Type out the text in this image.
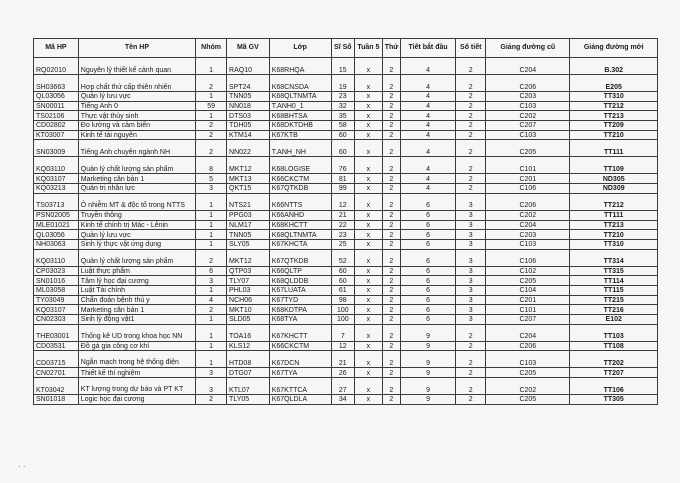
Mã HP	Tên HP	Nhóm	Mã GV	Lớp	Sĩ Số	Tuần 5	Thứ	Tiết bắt đầu	Số tiết	Giảng đường cũ	Giảng đường mới
RQ02010	Nguyên lý thiết kế cảnh quan	1	RAQ10	K68RHQA	15	x	2	4	2	C204	B.302
SH03663	Hợp chất thứ cấp thiên nhiên	2	SPT24	K68CNSDA	19	x	2	4	2	C206	E205
QL03056	Quản lý lưu vực	1	TNN05	K68QLTNMTA	23	x	2	4	2	C203	TT310
SN00011	Tiếng Anh 0	59	NN018	T.ANH0_1	32	x	2	4	2	C103	TT212
TS02106	Thực vật thủy sinh	1	DTS03	K68BHTSA	35	x	2	4	2	C202	TT213
CD02802	Đo lường và cảm biến	2	TDH05	K68DKTDHB	58	x	2	4	2	C207	TT209
KT03007	Kinh tế tài nguyên	2	KTM14	K67KTB	60	x	2	4	2	C103	TT210
SN03009	Tiếng Anh chuyên ngành NH	2	NN022	T.ANH_NH	60	x	2	4	2	C205	TT111
KQ03110	Quản lý chất lượng sản phẩm	8	MKT12	K68LOGISE	76	x	2	4	2	C101	TT109
KQ03107	Marketing căn bản 1	5	MKT13	K66CKCTM	81	x	2	4	2	C201	ND305
KQ03213	Quản trị nhân lực	3	QKT15	K67QTKDB	99	x	2	4	2	C106	ND309
TS03713	Ô nhiễm MT & độc tố trong NTTS	1	NTS21	K66NTTS	12	x	2	6	3	C206	TT212
PSN02005	Truyền thông	1	PPG03	K66ANHD	21	x	2	6	3	C202	TT111
MLE01021	Kinh tế chính trị Mác - Lênin	1	NLM17	K68KHCTT	22	x	2	6	3	C204	TT213
QL03056	Quản lý lưu vực	1	TNN05	K68QLTNMTA	23	x	2	6	3	C203	TT210
NH03063	Sinh lý thực vật ứng dụng	1	SLY05	K67KHCTA	25	x	2	6	3	C103	TT310
KQ03110	Quản lý chất lượng sản phẩm	2	MKT12	K67QTKDB	52	x	2	6	3	C106	TT314
CP03023	Luật thực phẩm	6	QTP03	K66QLTP	60	x	2	6	3	C102	TT315
SN01016	Tâm lý học đại cương	3	TLY07	K68QLDDB	60	x	2	6	3	C205	TT114
ML03058	Luật Tài chính	1	PHL03	K67LUATA	61	x	2	6	3	C104	TT115
TY03049	Chẩn đoán bệnh thú y	4	NCH06	K67TYD	98	x	2	6	3	C201	TT215
KQ03107	Marketing căn bản 1	2	MKT10	K68KDTPA	100	x	2	6	3	C101	TT216
CN02303	Sinh lý động vật1	1	SLD05	K68TYA	100	x	2	6	3	C207	E102
THE03001	Thống kê UD trong khoa học NN	1	TOA16	K67KHCTT	7	x	2	9	2	C204	TT103
CD03531	Đồ gá gia công cơ khí	1	KLS12	K66CKCTM	12	x	2	9	2	C206	TT108
CD03715	Ngắn mạch trong hệ thống điện	1	HTD08	K67DCN	21	x	2	9	2	C103	TT202
CN02701	Thiết kế thí nghiệm	3	DTG07	K67TYA	26	x	2	9	2	C205	TT207
KT03042	KT lượng trong dự báo và PT KT	3	KTL07	K67KTTCA	27	x	2	9	2	C202	TT106
SN01018	Logic học đại cương	2	TLY05	K67QLDLA	34	x	2	9	2	C205	TT305
· ·
